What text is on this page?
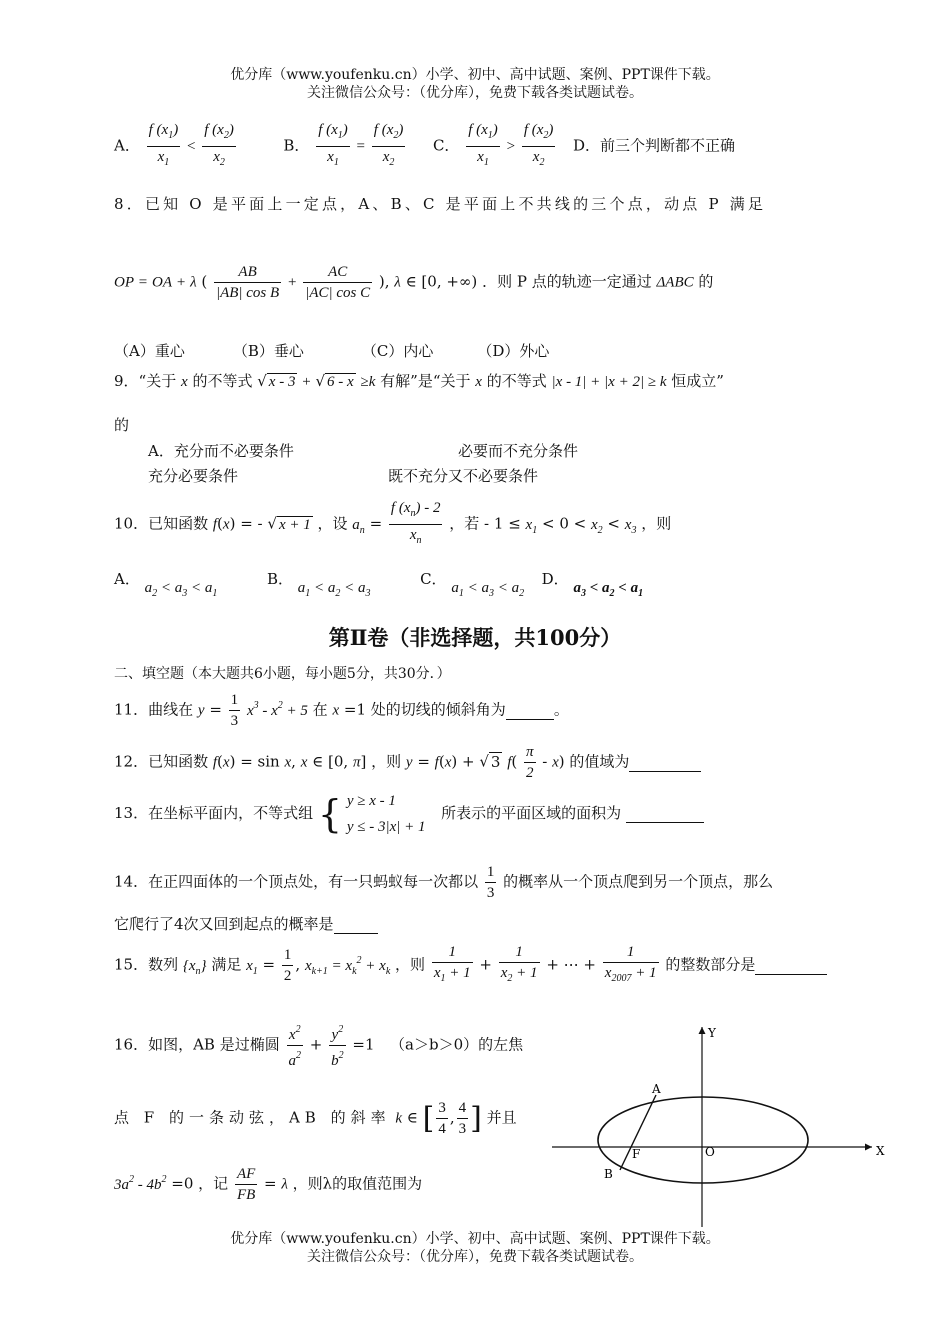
优分库（www.youfenku.cn）小学、初中、高中试题、案例、PPT课件下载。
关注微信公众号：（优分库），免费下载各类试题试卷。
A． $\frac{f (x_1)}{x_1} < \frac{f (x_2)}{x_2}$	B． $\frac{f (x_1)}{x_1} = \frac{f (x_2)}{x_2}$ C． $\frac{f (x_1)}{x_1} > \frac{f (x_2)}{x_2}$ D．前三个判断都不正确
8．已知 O 是平面上一定点，A、B、C 是平面上不共线的三个点，动点 P 满足
OP = OA + λ ( $\frac{AB}{\text{|AB| cos B}} + \frac{AC}{\text{|AC| cos C}}$ ), λ ∈ [0, +∞) ．则 P 点的轨迹一定通过 ΔABC 的
（A）重心	（B）垂心	（C）内心	（D）外心
9．“关于 x 的不等式 √ x - 3 + √ 6 - x ≥k 有解”是“关于 x 的不等式 |x - 1| + |x + 2| ≥ k 恒成立”
的
A．充分而不必要条件	必要而不充分条件
充分必要条件	既不充分又不必要条件
10．已知函数 f(x) = - √ x + 1 ，设 $a_n = \frac{f (x_n) - 2}{x_n}$ ，若 - $1 \le x_1 < 0 < x_2 < x_3$ ，则
A． $a_2 < a_3 < a_1$  B． $a_1 < a_2 < a_3$  C． $a_1 < a_3 < a_2$  D． $a_3 < a_2 < a_1$
第Ⅱ卷（非选择题，共100分）
二、填空题（本大题共6小题，每小题5分，共30分．）
11．曲线在 $y = \frac{1}{3} x^3 - x^2 + 5$ 在 x =1 处的切线的倾斜角为	。
12．已知函数 f(x) = sin x, x ∈ [0, π] ，则 y = f(x) + √ 3 $f( \frac{\pi}{2} - x)$ 的值域为
13．在坐标平面内，不等式组 { y ≥ x - 1
y ≤ - 3|x| + 1  所表示的平面区域的面积为
14．在正四面体的一个顶点处，有一只蚂蚁每一次都以 $\frac{1}{3}$ 的概率从一个顶点爬到另一个顶点，那么
它爬行了4次又回到起点的概率是
15．数列 $\{x_n\}$ 满足 $x_1 = \frac{1}{2}$ , $x_{k+1} = x_k^2 + x_k$ ，则 $\frac{1}{x_1 + 1} + \frac{1}{x_2 + 1}$ + ⋯ + $\frac{1}{x_{2007} + 1}$ 的整数部分是
16．如图，AB 是过椭圆 $\frac{x^2}{a^2} + \frac{y^2}{b^2} =1$  （a＞b＞0）的左焦
点 F 的一条动弦，AB 的斜率 k ∈ [ $\frac{3}{4}$ , $\frac{4}{3}$ ] 并且
$3a^2 - 4b^2 =0$ ，记 $\frac{AF}{FB} = \lambda$ ，则λ的取值范围为
Y
X
O
A
B
F
优分库（www.youfenku.cn）小学、初中、高中试题、案例、PPT课件下载。
关注微信公众号：（优分库），免费下载各类试题试卷。
